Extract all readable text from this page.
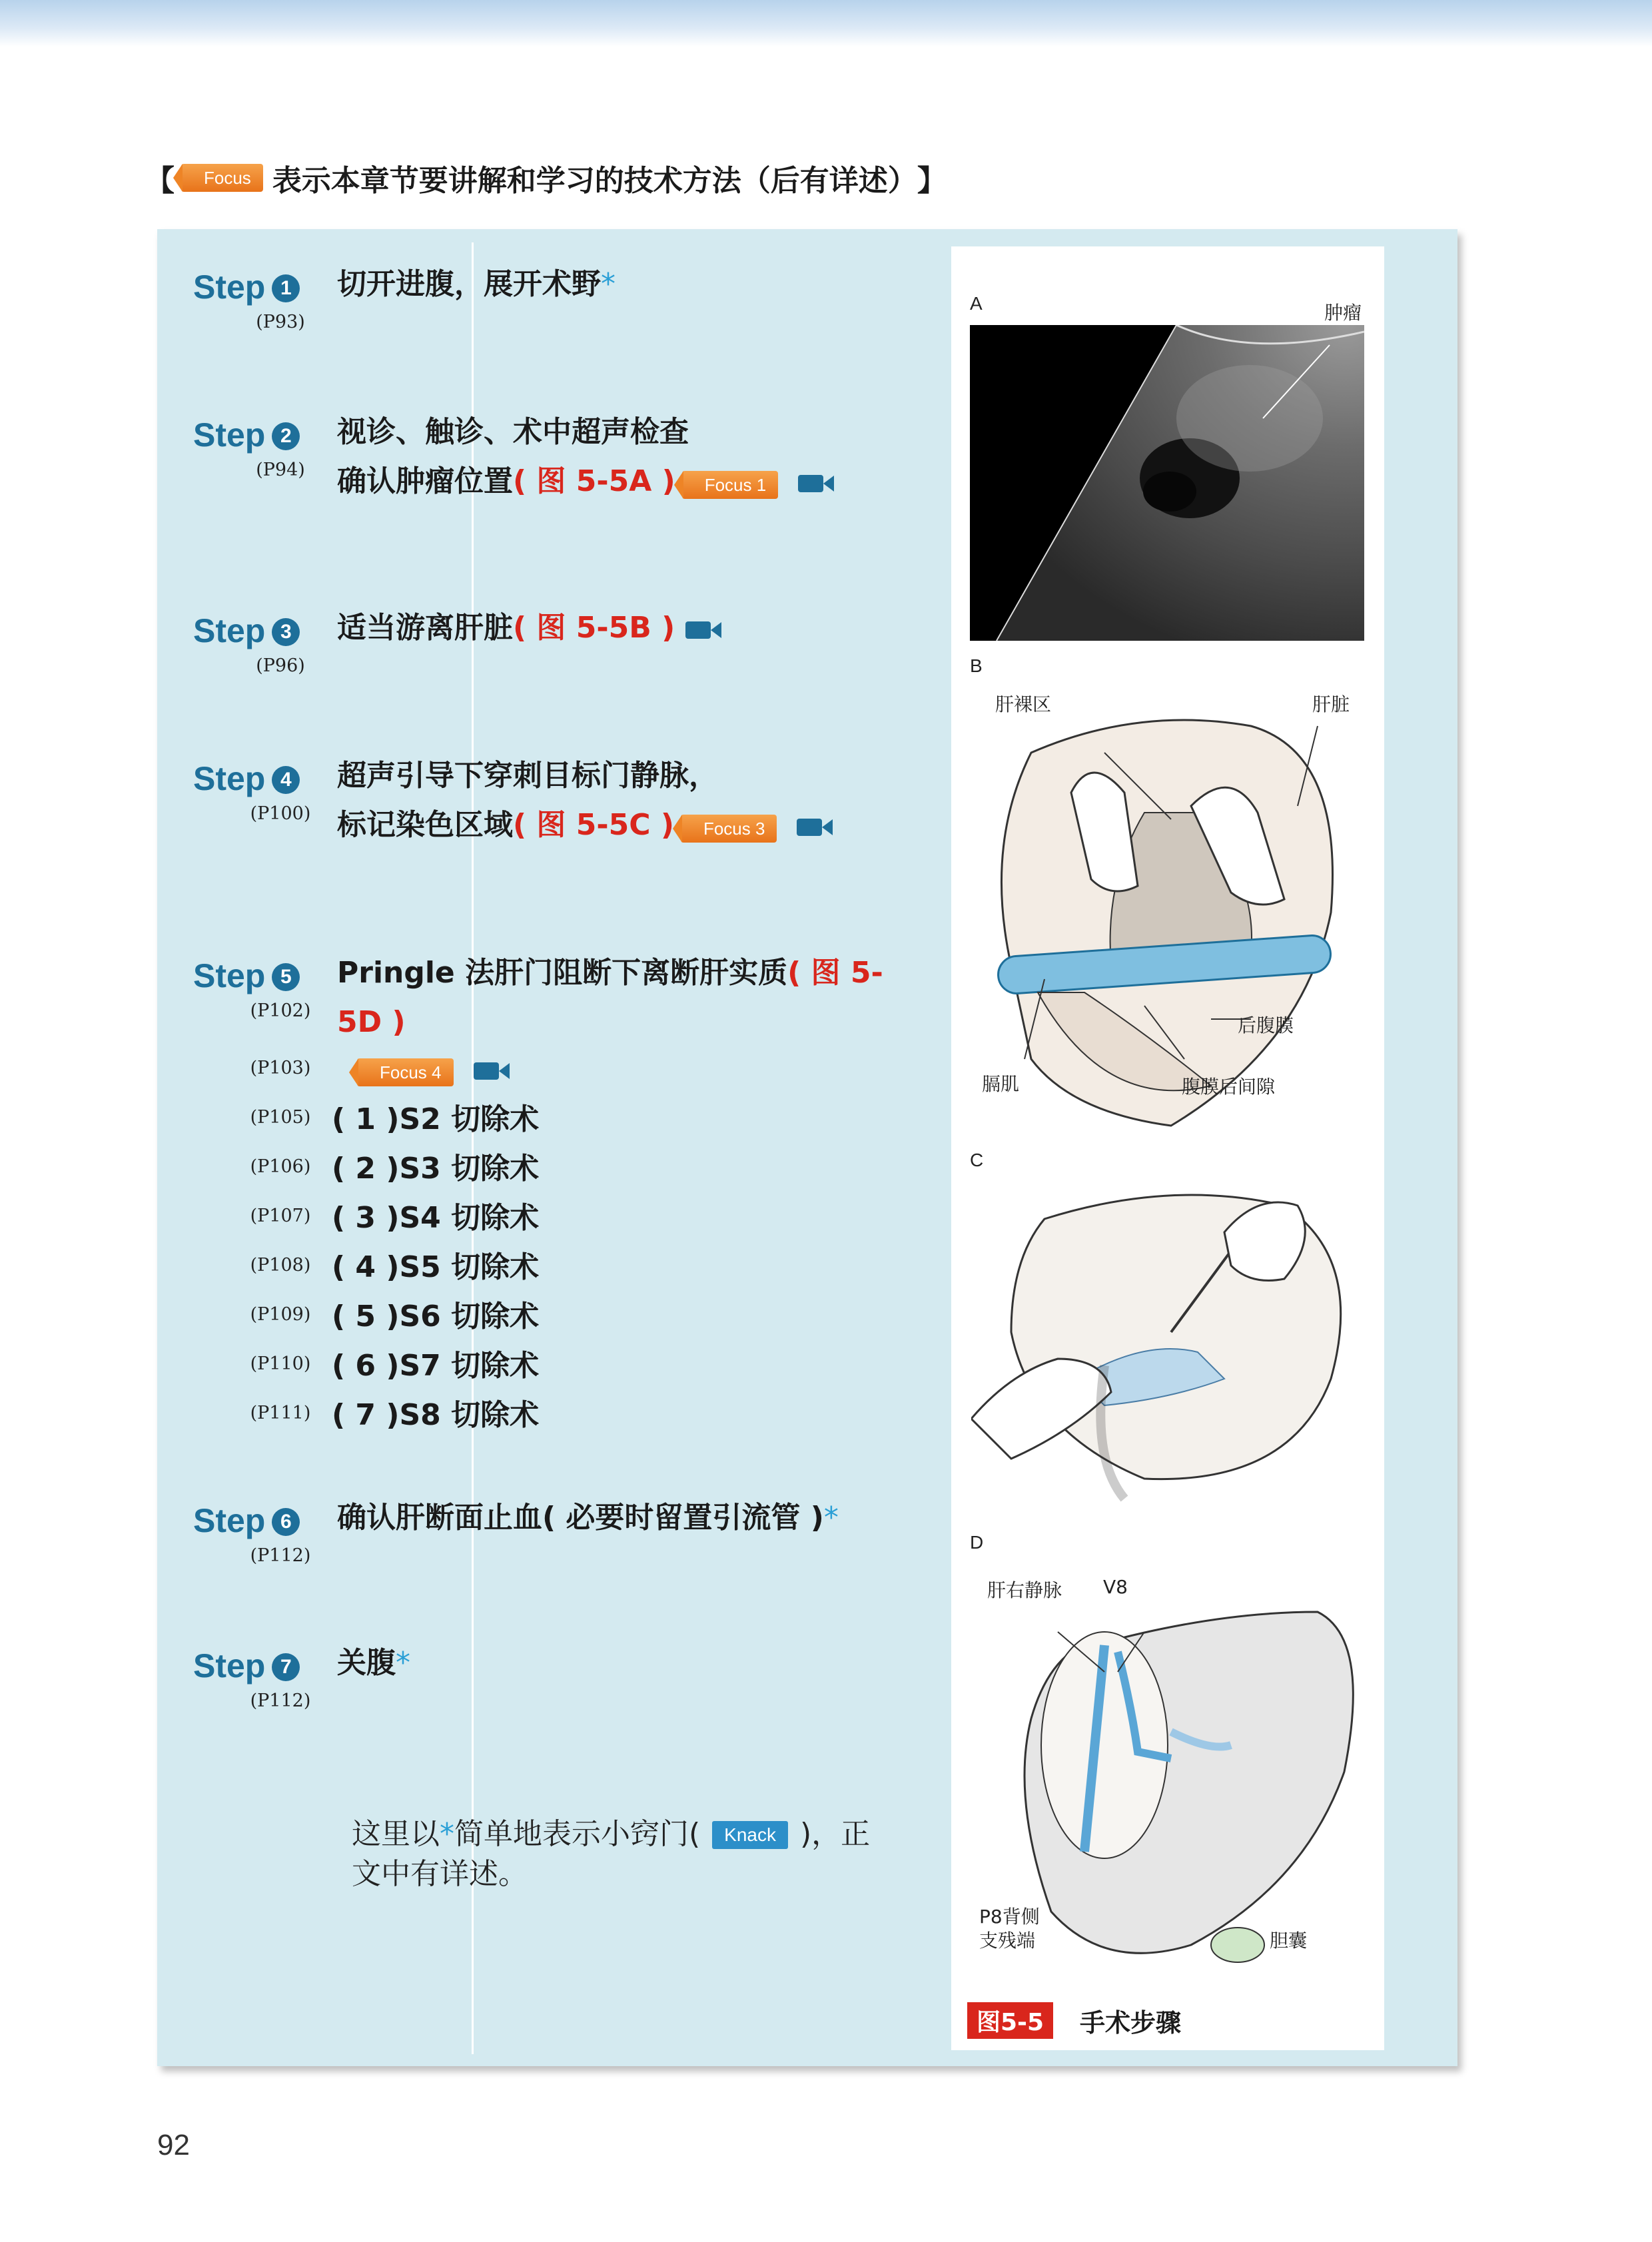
【	Focus 表示本章节要讲解和学习的技术方法（后有详述） 】
Step 1
(P93)
切开进腹，展开术野*
Step 2
(P94)
视诊、触诊、术中超声检查
确认肿瘤位置( 图 5-5A ) Focus 1
Step 3
(P96)
适当游离肝脏( 图 5-5B )
Step 4
(P100)
超声引导下穿刺目标门静脉，
标记染色区域( 图 5-5C ) Focus 3
Step 5
(P102)
Pringle 法肝门阻断下离断肝实质( 图 5-
5D )
(P103)	Focus 4
(P105) ( 1 )S2 切除术
(P106) ( 2 )S3 切除术
(P107) ( 3 )S4 切除术
(P108) ( 4 )S5 切除术
(P109) ( 5 )S6 切除术
(P110) ( 6 )S7 切除术
(P111) ( 7 )S8 切除术
Step 6
(P112)
确认肝断面止血( 必要时留置引流管 )*
Step 7
(P112)
关腹*
这里以*简单地表示小窍门( Knack )，正
文中有详述。
A	肿瘤
B
肝裸区	肝脏
后腹膜
膈肌	腹膜后间隙
C
D
肝右静脉 V8
P8背侧
支残端	胆囊
图5-5	手术步骤
92
